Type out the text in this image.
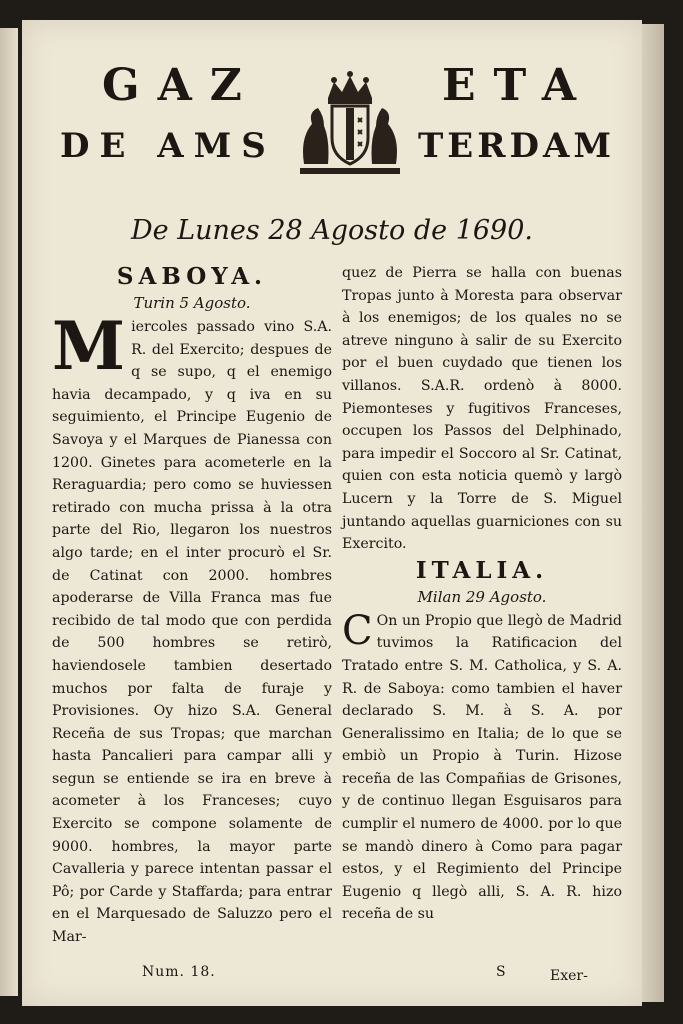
GAZ	ETA
DE AMS	TERDAM
De Lunes 28 Agosto de 1690.
SABOYA.
Turin 5 Agosto.

Miercoles passado vino S.A. R. del Exercito; despues de q se supo, q el enemigo havia decampado, y q iva en su seguimiento, el Principe Eugenio de Savoya y el Marques de Pianessa con 1200. Ginetes para acometerle en la Reraguardia; pero como se huviessen retirado con mucha prissa à la otra parte del Rio, llegaron los nuestros algo tarde; en el inter procurò el Sr. de Catinat con 2000. hombres apoderarse de Villa Franca mas fue recibido de tal modo que con perdida de 500 hombres se retirò, haviendosele tambien desertado muchos por falta de furaje y Provisiones. Oy hizo S.A. General Receña de sus Tropas; que marchan hasta Pancalieri para campar alli y segun se entiende se ira en breve à acometer à los Franceses; cuyo Exercito se compone solamente de 9000. hombres, la mayor parte Cavalleria y parece intentan passar el Pô; por Carde y Staffarda; para entrar en el Marquesado de Saluzzo pero el Mar-

quez de Pierra se halla con buenas Tropas junto à Moresta para observar à los enemigos; de los quales no se atreve ninguno à salir de su Exercito por el buen cuydado que tienen los villanos. S.A.R. ordenò à 8000. Piemonteses y fugitivos Franceses, occupen los Passos del Delphinado, para impedir el Soccoro al Sr. Catinat, quien con esta noticia quemò y largò Lucern y la Torre de S. Miguel juntando aquellas guarniciones con su Exercito.

ITALIA.
Milan 29 Agosto.

C On un Propio que llegò de Madrid tuvimos la Ratificacion del Tratado entre S. M. Catholica, y S. A. R. de Saboya: como tambien el haver declarado S. M. à S. A. por Generalissimo en Italia; de lo que se embiò un Propio à Turin. Hizose receña de las Compañias de Grisones, y de continuo llegan Esguisaros para cumplir el numero de 4000. por lo que se mandò dinero à Como para pagar estos, y el Regimiento del Principe Eugenio q llegò alli, S. A. R. hizo receña de su

Num. 18.	S	Exer-
